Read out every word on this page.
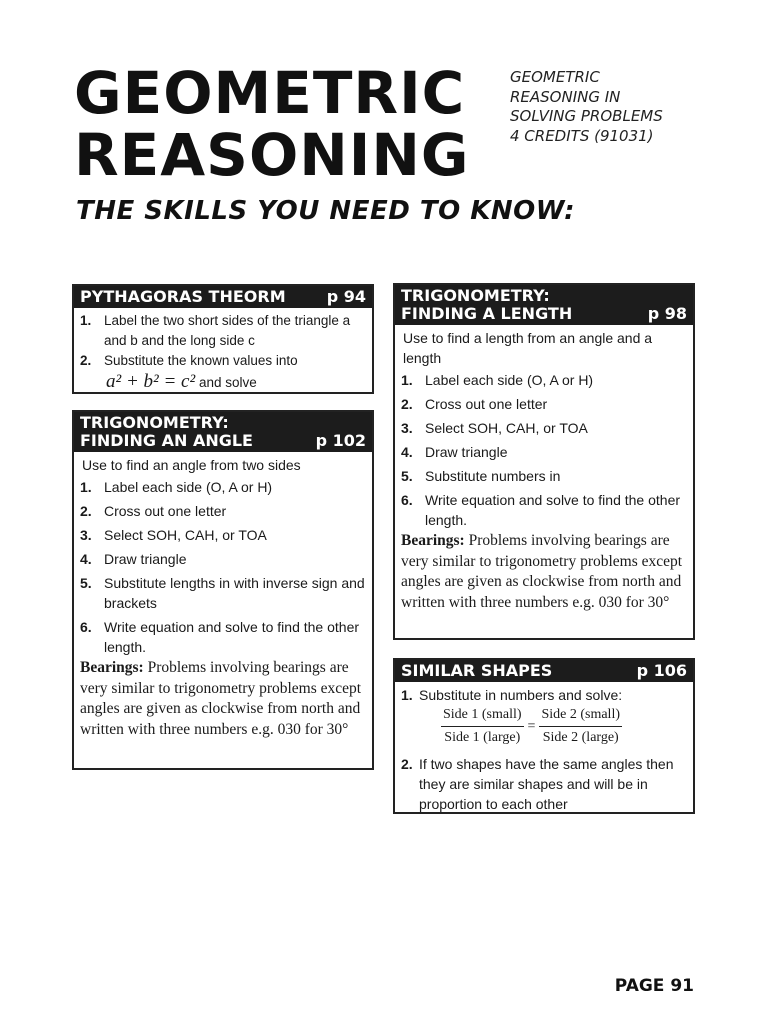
GEOMETRIC
REASONING
GEOMETRIC
REASONING IN
SOLVING PROBLEMS
4 CREDITS (91031)
THE SKILLS YOU NEED TO KNOW:
PYTHAGORAS THEORM	p 94
1. Label the two short sides of the triangle a and b and the long side c
2. Substitute the known values into
a² + b² = c² and solve
TRIGONOMETRY:
FINDING AN ANGLE	p 102

Use to find an angle from two sides

1. Label each side (O, A or H)
2. Cross out one letter
3. Select SOH, CAH, or TOA
4. Draw triangle
5. Substitute lengths in with inverse sign and brackets
6. Write equation and solve to find the other length.
Bearings: Problems involving bearings are very similar to trigonometry problems except angles are given as clockwise from north and written with three numbers e.g. 030 for 30°
TRIGONOMETRY:
FINDING A LENGTH	p 98

Use to find a length from an angle and a length

1. Label each side (O, A or H)
2. Cross out one letter
3. Select SOH, CAH, or TOA
4. Draw triangle
5. Substitute numbers in
6. Write equation and solve to find the other length.
Bearings: Problems involving bearings are very similar to trigonometry problems except angles are given as clockwise from north and written with three numbers e.g. 030 for 30°
SIMILAR SHAPES	p 106
1. Substitute in numbers and solve:
$\frac{\text{Side 1 (small)}}{\text{Side 1 (large)}} = \frac{\text{Side 2 (small)}}{\text{Side 2 (large)}}$
2. If two shapes have the same angles then they are similar shapes and will be in proportion to each other
PAGE 91
